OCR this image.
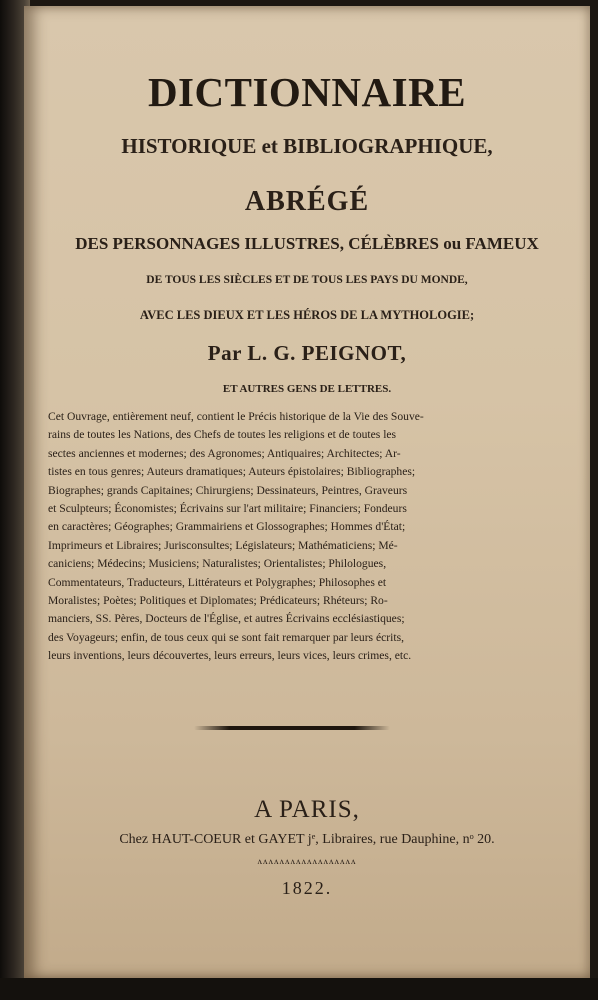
DICTIONNAIRE
HISTORIQUE et BIBLIOGRAPHIQUE,
ABRÉGÉ
DES PERSONNAGES ILLUSTRES, CÉLÈBRES ou FAMEUX
DE TOUS LES SIÈCLES ET DE TOUS LES PAYS DU MONDE,
AVEC LES DIEUX ET LES HÉROS DE LA MYTHOLOGIE;
Par L. G. PEIGNOT,
ET AUTRES GENS DE LETTRES.
Cet Ouvrage, entièrement neuf, contient le Précis historique de la Vie des Souve-
rains de toutes les Nations, des Chefs de toutes les religions et de toutes les
sectes anciennes et modernes; des Agronomes; Antiquaires; Architectes; Ar-
tistes en tous genres; Auteurs dramatiques; Auteurs épistolaires; Bibliographes;
Biographes; grands Capitaines; Chirurgiens; Dessinateurs, Peintres, Graveurs
et Sculpteurs; Économistes; Écrivains sur l'art militaire; Financiers; Fondeurs
en caractères; Géographes; Grammairiens et Glossographes; Hommes d'État;
Imprimeurs et Libraires; Jurisconsultes; Législateurs; Mathématiciens; Mé-
caniciens; Médecins; Musiciens; Naturalistes; Orientalistes; Philologues,
Commentateurs, Traducteurs, Littérateurs et Polygraphes; Philosophes et
Moralistes; Poètes; Politiques et Diplomates; Prédicateurs; Rhéteurs; Ro-
manciers, SS. Pères, Docteurs de l'Église, et autres Écrivains ecclésiastiques;
des Voyageurs; enfin, de tous ceux qui se sont fait remarquer par leurs écrits,
leurs inventions, leurs découvertes, leurs erreurs, leurs vices, leurs crimes, etc.
A PARIS,
Chez HAUT-COEUR et GAYET jᵉ, Libraires, rue Dauphine, nᵒ 20.
ʌʌʌʌʌʌʌʌʌʌʌʌʌʌʌʌʌʌ
1822.
